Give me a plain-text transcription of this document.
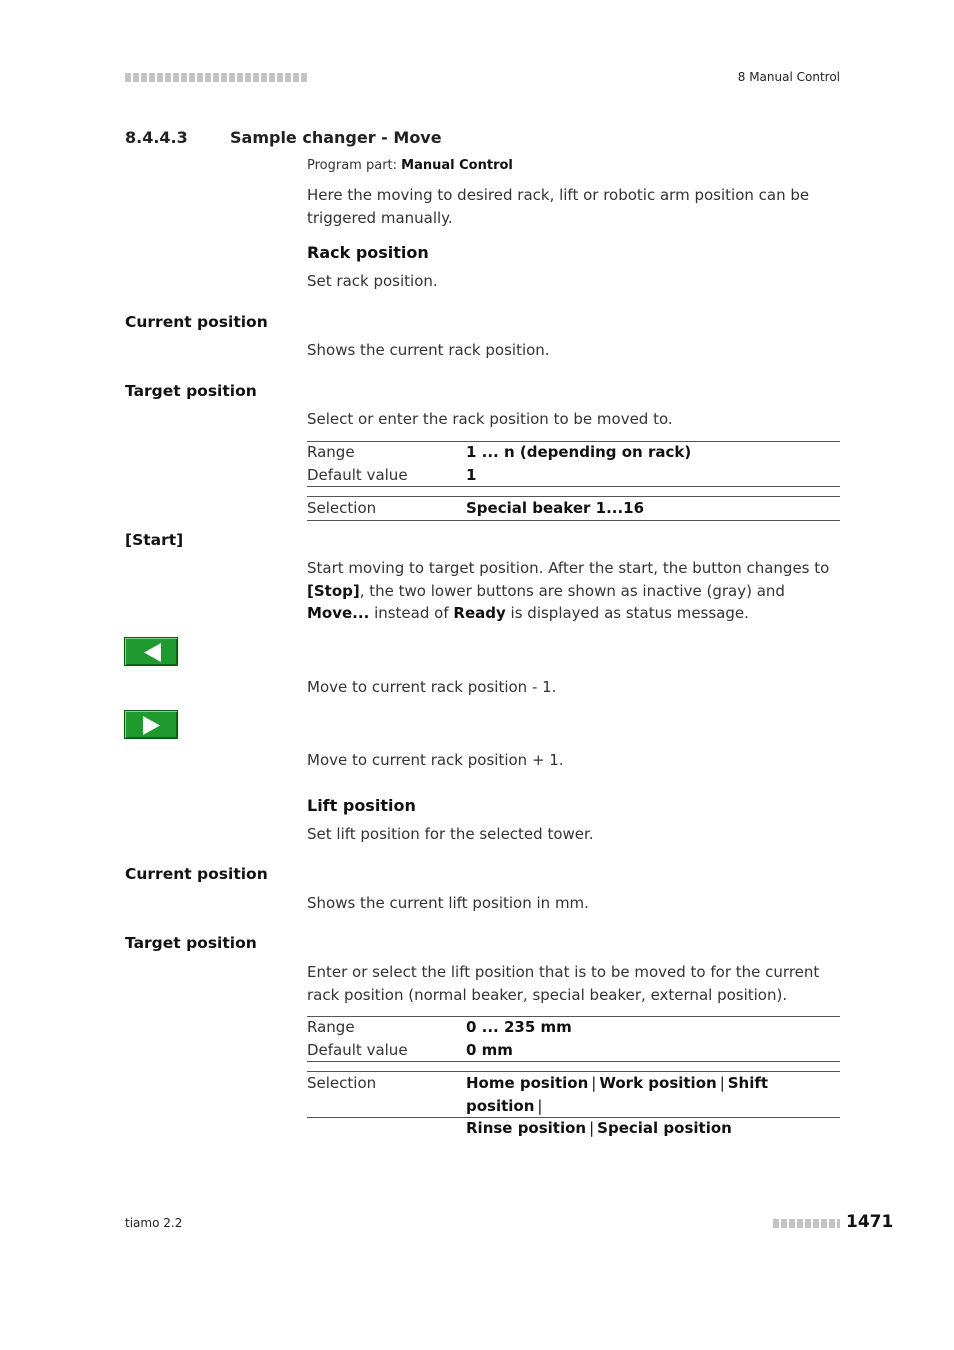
8 Manual Control
8.4.4.3	Sample changer - Move
Program part: Manual Control
Here the moving to desired rack, lift or robotic arm position can be triggered manually.
Rack position
Set rack position.
Current position
Shows the current rack position.
Target position
Select or enter the rack position to be moved to.
Range	1 ... n (depending on rack)
Default value	1
Selection	Special beaker 1...16
[Start]
Start moving to target position. After the start, the button changes to [Stop], the two lower buttons are shown as inactive (gray) and Move... instead of Ready is displayed as status message.
Move to current rack position - 1.
Move to current rack position + 1.
Lift position
Set lift position for the selected tower.
Current position
Shows the current lift position in mm.
Target position
Enter or select the lift position that is to be moved to for the current rack position (normal beaker, special beaker, external position).
Range	0 ... 235 mm
Default value	0 mm
Selection	Home position | Work position | Shift position |
Rinse position | Special position
tiamo 2.2	1471
